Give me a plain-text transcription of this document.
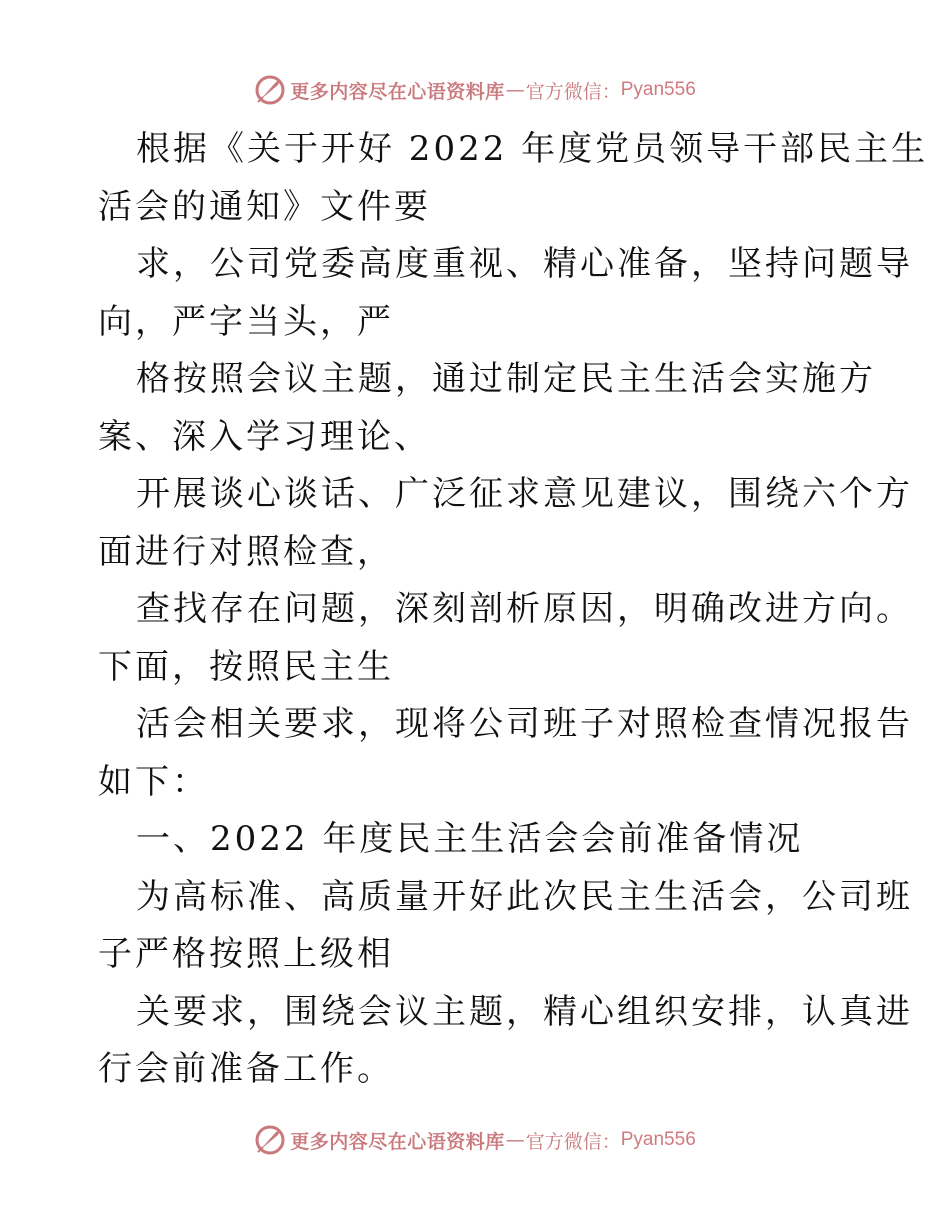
更多内容尽在心语资料库 — 官方微信： Pyan556
根据《关于开好 2022 年度党员领导干部民主生
活会的通知》文件要
求，公司党委高度重视、精心准备，坚持问题导
向，严字当头，严
格按照会议主题，通过制定民主生活会实施方
案、深入学习理论、
开展谈心谈话、广泛征求意见建议，围绕六个方
面进行对照检查，
查找存在问题，深刻剖析原因，明确改进方向。
下面，按照民主生
活会相关要求，现将公司班子对照检查情况报告
如下：
一、2022 年度民主生活会会前准备情况
为高标准、高质量开好此次民主生活会，公司班
子严格按照上级相
关要求，围绕会议主题，精心组织安排，认真进
行会前准备工作。
更多内容尽在心语资料库 — 官方微信： Pyan556
